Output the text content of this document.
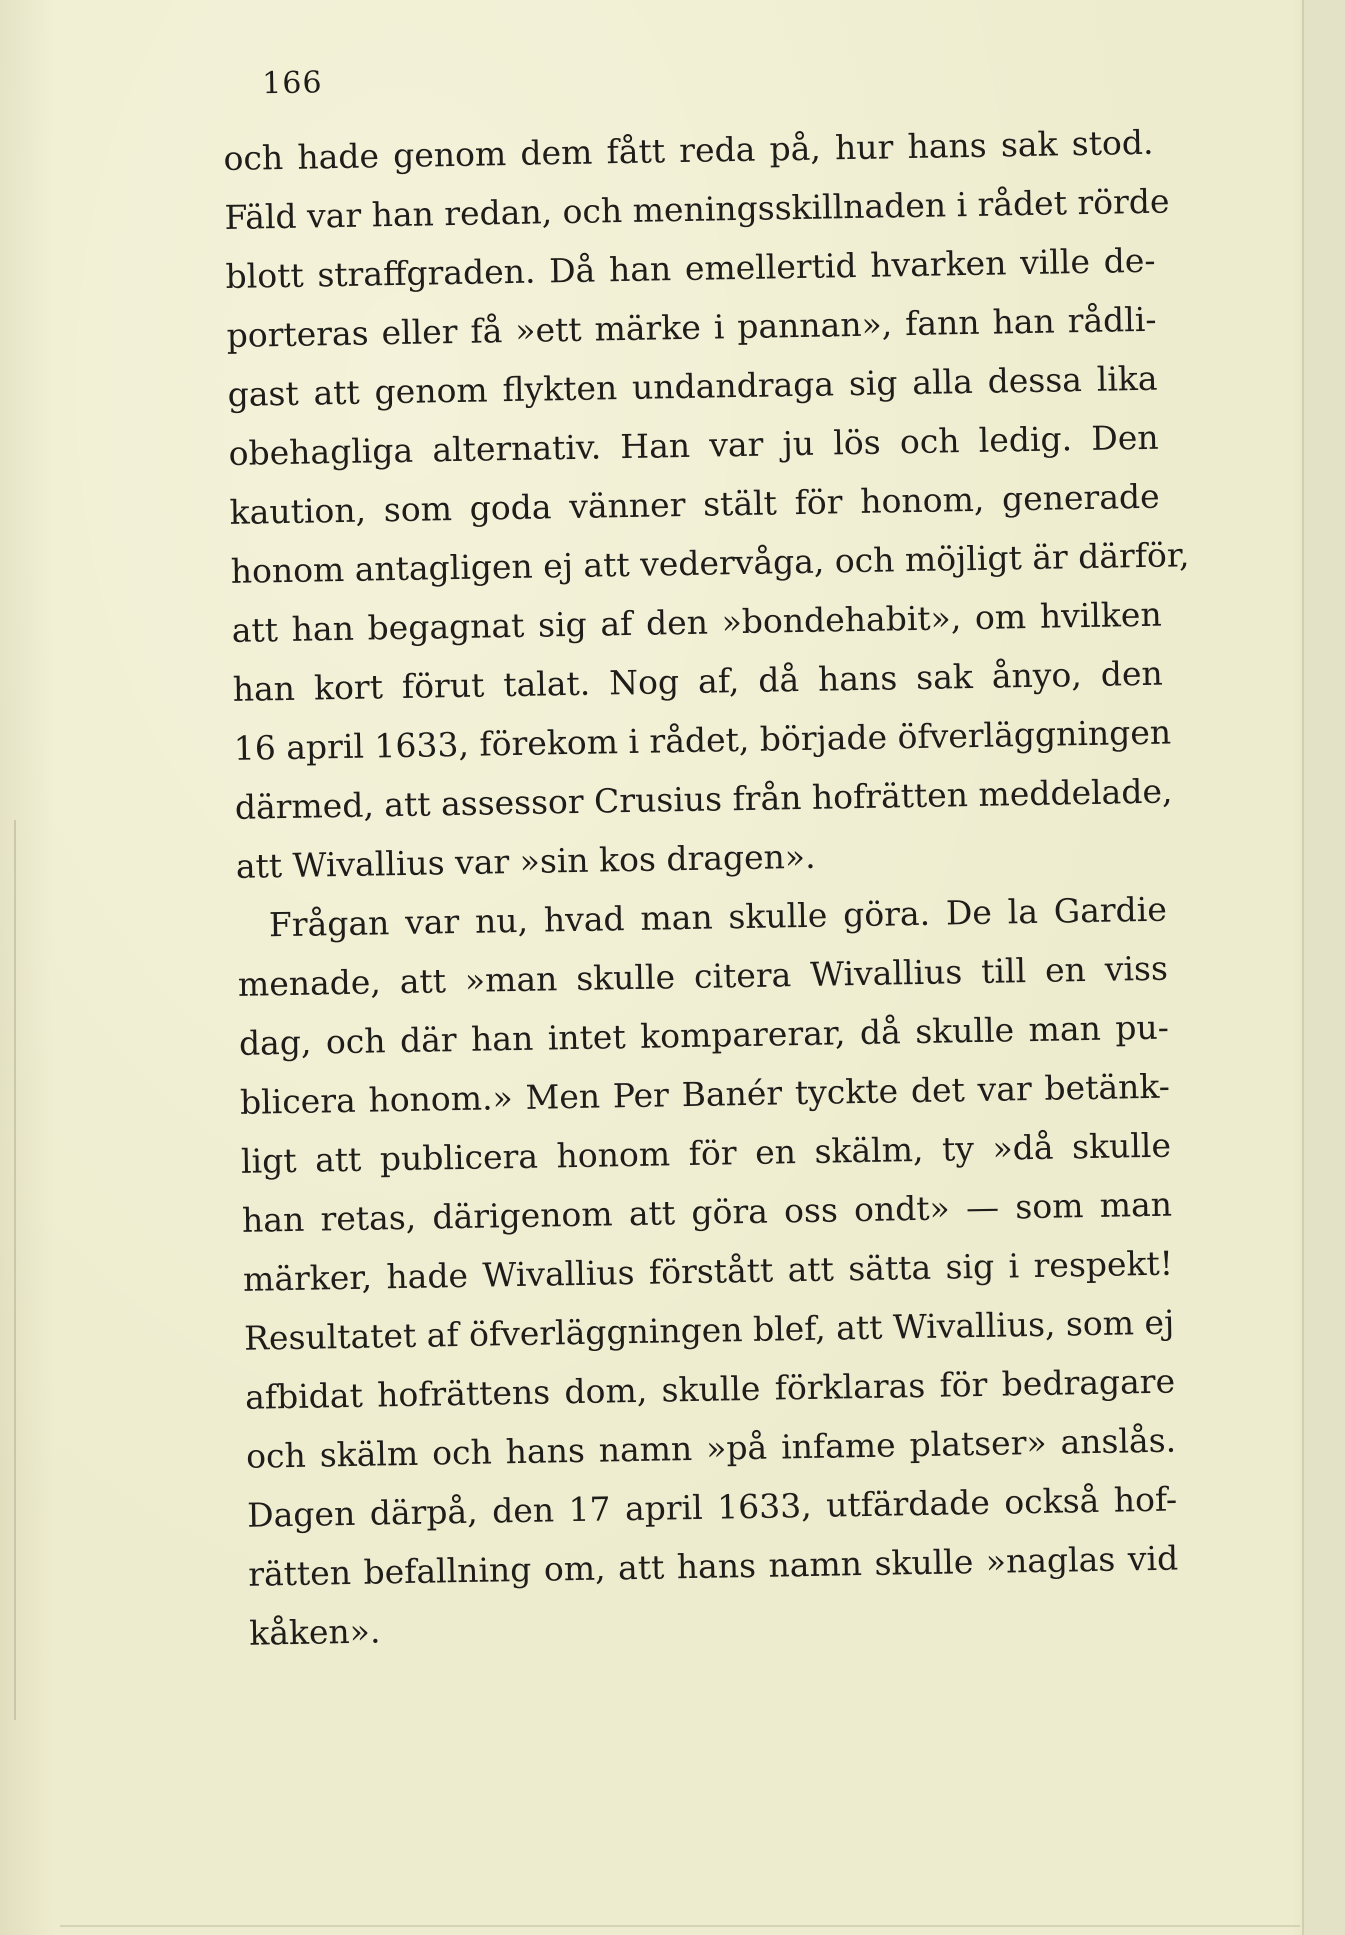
166
och hade genom dem fått reda på, hur hans sak stod.
Fäld var han redan, och meningsskillnaden i rådet rörde
blott straffgraden. Då han emellertid hvarken ville de-
porteras eller få »ett märke i pannan», fann han rådli-
gast att genom flykten undandraga sig alla dessa lika
obehagliga alternativ. Han var ju lös och ledig. Den
kaution, som goda vänner stält för honom, generade
honom antagligen ej att vedervåga, och möjligt är därför,
att han begagnat sig af den »bondehabit», om hvilken
han kort förut talat. Nog af, då hans sak ånyo, den
16 april 1633, förekom i rådet, började öfverläggningen
därmed, att assessor Crusius från hofrätten meddelade,
att Wivallius var »sin kos dragen».
Frågan var nu, hvad man skulle göra. De la Gardie
menade, att »man skulle citera Wivallius till en viss
dag, och där han intet komparerar, då skulle man pu-
blicera honom.» Men Per Banér tyckte det var betänk-
ligt att publicera honom för en skälm, ty »då skulle
han retas, därigenom att göra oss ondt» — som man
märker, hade Wivallius förstått att sätta sig i respekt!
Resultatet af öfverläggningen blef, att Wivallius, som ej
afbidat hofrättens dom, skulle förklaras för bedragare
och skälm och hans namn »på infame platser» anslås.
Dagen därpå, den 17 april 1633, utfärdade också hof-
rätten befallning om, att hans namn skulle »naglas vid
kåken».
